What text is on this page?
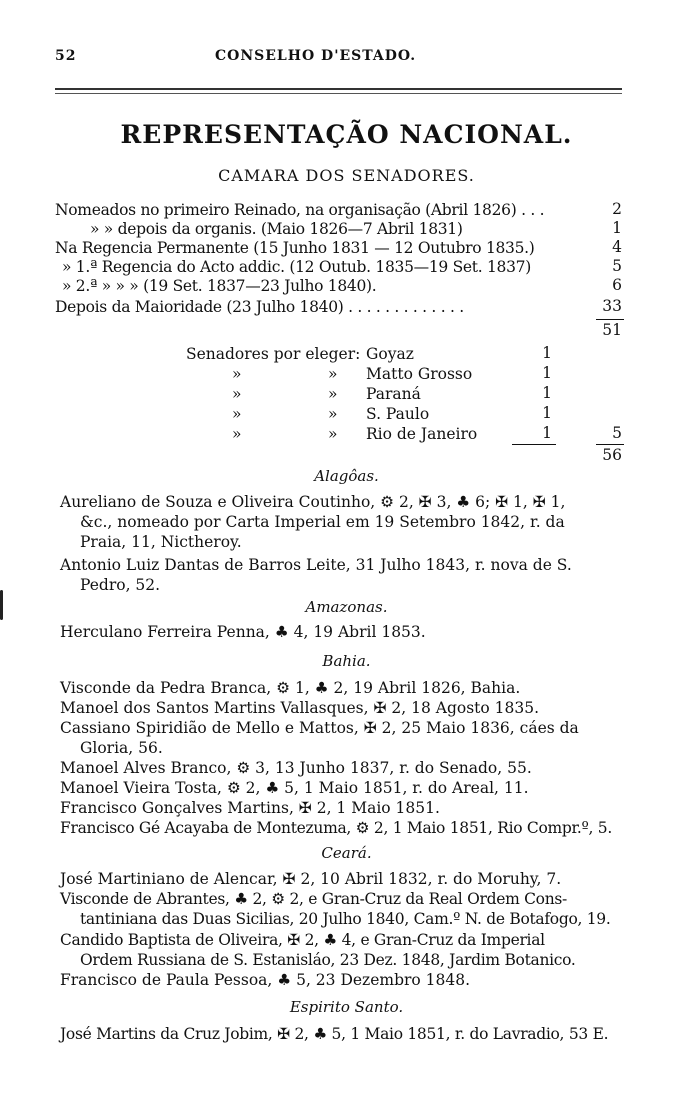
52	CONSELHO D'ESTADO.
REPRESENTAÇÃO NACIONAL.
CAMARA DOS SENADORES.
Nomeados no primeiro Reinado, na organisação (Abril 1826) . . .	2
» » depois da organis. (Maio 1826—7 Abril 1831)	1
Na Regencia Permanente (15 Junho 1831 — 12 Outubro 1835.)	4
» 1.ª Regencia do Acto addic. (12 Outub. 1835—19 Set. 1837)	5
» 2.ª » » » (19 Set. 1837—23 Julho 1840).	6
Depois da Maioridade (23 Julho 1840) . . . . . . . . . . . . .	33
51
Senadores por eleger: Goyaz	1
»	» Matto Grosso	1
»	» Paraná	1
»	» S. Paulo	1
»	» Rio de Janeiro	1	5
56
Alagôas.
Aureliano de Souza e Oliveira Coutinho, ⚙ 2, ✠ 3, ♣ 6; ✠ 1, ✠ 1,
&c., nomeado por Carta Imperial em 19 Setembro 1842, r. da
Praia, 11, Nictheroy.
Antonio Luiz Dantas de Barros Leite, 31 Julho 1843, r. nova de S.
Pedro, 52.
Amazonas.
Herculano Ferreira Penna, ♣ 4, 19 Abril 1853.
Bahia.
Visconde da Pedra Branca, ⚙ 1, ♣ 2, 19 Abril 1826, Bahia.
Manoel dos Santos Martins Vallasques, ✠ 2, 18 Agosto 1835.
Cassiano Spiridião de Mello e Mattos, ✠ 2, 25 Maio 1836, cáes da
Gloria, 56.
Manoel Alves Branco, ⚙ 3, 13 Junho 1837, r. do Senado, 55.
Manoel Vieira Tosta, ⚙ 2, ♣ 5, 1 Maio 1851, r. do Areal, 11.
Francisco Gonçalves Martins, ✠ 2, 1 Maio 1851.
Francisco Gé Acayaba de Montezuma, ⚙ 2, 1 Maio 1851, Rio Compr.º, 5.
Ceará.
José Martiniano de Alencar, ✠ 2, 10 Abril 1832, r. do Moruhy, 7.
Visconde de Abrantes, ♣ 2, ⚙ 2, e Gran-Cruz da Real Ordem Cons-
tantiniana das Duas Sicilias, 20 Julho 1840, Cam.º N. de Botafogo, 19.
Candido Baptista de Oliveira, ✠ 2, ♣ 4, e Gran-Cruz da Imperial
Ordem Russiana de S. Estanisláo, 23 Dez. 1848, Jardim Botanico.
Francisco de Paula Pessoa, ♣ 5, 23 Dezembro 1848.
Espirito Santo.
José Martins da Cruz Jobim, ✠ 2, ♣ 5, 1 Maio 1851, r. do Lavradio, 53 E.
